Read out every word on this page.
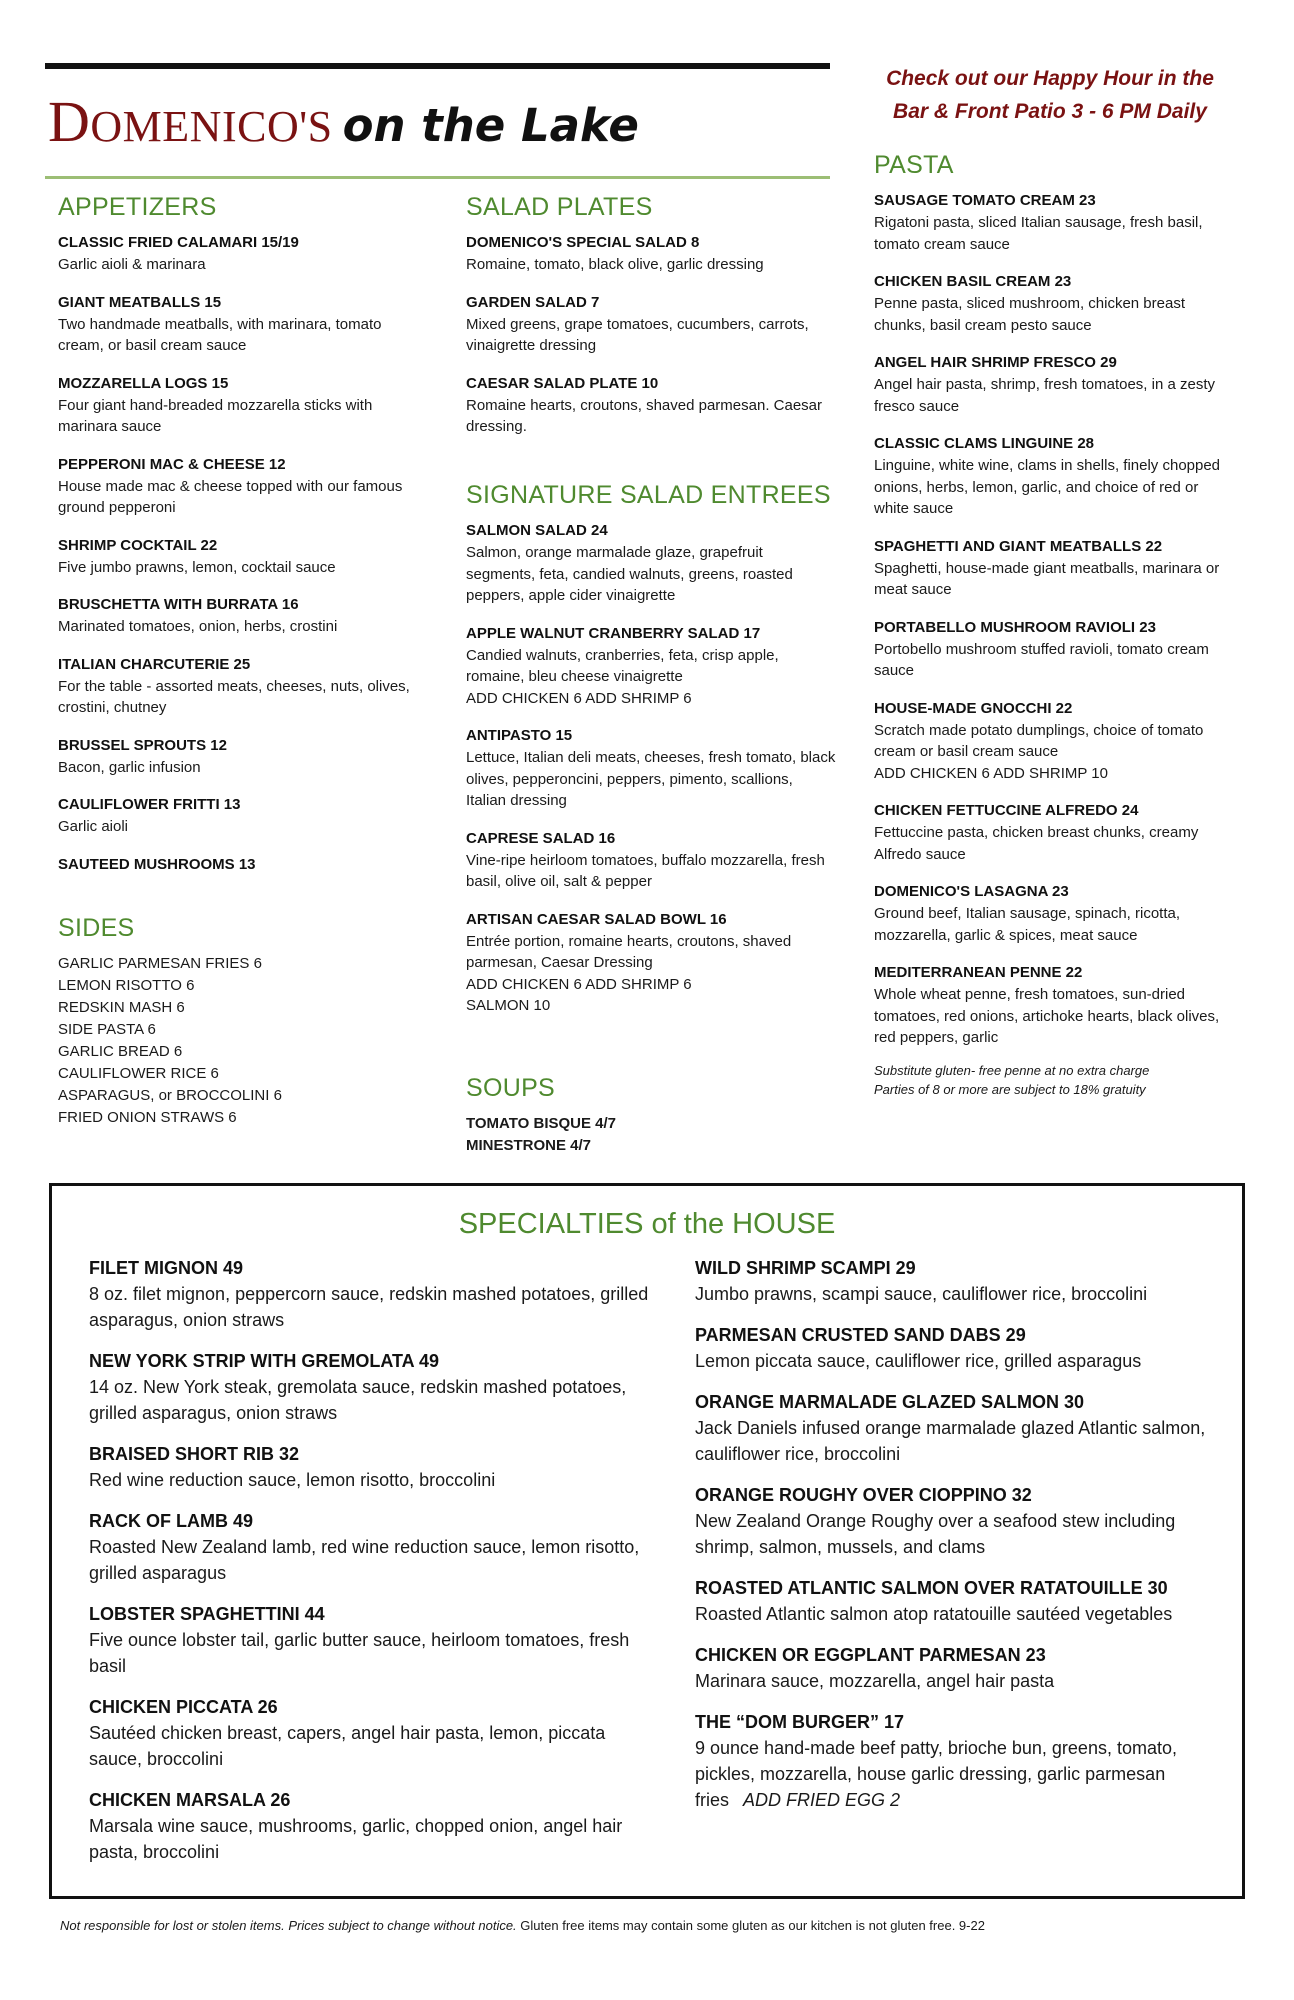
DOMENICO'S on the Lake
Check out our Happy Hour in the
Bar & Front Patio 3 - 6 PM Daily
APPETIZERS
CLASSIC FRIED CALAMARI 15/19
Garlic aioli & marinara
GIANT MEATBALLS 15
Two handmade meatballs, with marinara, tomato cream, or basil cream sauce
MOZZARELLA LOGS 15
Four giant hand-breaded mozzarella sticks with marinara sauce
PEPPERONI MAC & CHEESE 12
House made mac & cheese topped with our famous ground pepperoni
SHRIMP COCKTAIL 22
Five jumbo prawns, lemon, cocktail sauce
BRUSCHETTA WITH BURRATA 16
Marinated tomatoes, onion, herbs, crostini
ITALIAN CHARCUTERIE 25
For the table - assorted meats, cheeses, nuts, olives, crostini, chutney
BRUSSEL SPROUTS 12
Bacon, garlic infusion
CAULIFLOWER FRITTI 13
Garlic aioli
SAUTEED MUSHROOMS 13
SIDES
GARLIC PARMESAN FRIES 6
LEMON RISOTTO 6
REDSKIN MASH 6
SIDE PASTA 6
GARLIC BREAD 6
CAULIFLOWER RICE 6
ASPARAGUS, or BROCCOLINI 6
FRIED ONION STRAWS 6
SALAD PLATES
DOMENICO'S SPECIAL SALAD 8
Romaine, tomato, black olive, garlic dressing
GARDEN SALAD 7
Mixed greens, grape tomatoes, cucumbers, carrots, vinaigrette dressing
CAESAR SALAD PLATE 10
Romaine hearts, croutons, shaved parmesan. Caesar dressing.
SIGNATURE SALAD ENTREES
SALMON SALAD 24
Salmon, orange marmalade glaze, grapefruit segments, feta, candied walnuts, greens, roasted peppers, apple cider vinaigrette
APPLE WALNUT CRANBERRY SALAD 17
Candied walnuts, cranberries, feta, crisp apple, romaine, bleu cheese vinaigrette
ADD CHICKEN 6 ADD SHRIMP 6
ANTIPASTO 15
Lettuce, Italian deli meats, cheeses, fresh tomato, black olives, pepperoncini, peppers, pimento, scallions, Italian dressing
CAPRESE SALAD 16
Vine-ripe heirloom tomatoes, buffalo mozzarella, fresh basil, olive oil, salt & pepper
ARTISAN CAESAR SALAD BOWL 16
Entrée portion, romaine hearts, croutons, shaved parmesan, Caesar Dressing
ADD CHICKEN 6 ADD SHRIMP 6
SALMON 10
SOUPS
TOMATO BISQUE 4/7
MINESTRONE 4/7
PASTA
SAUSAGE TOMATO CREAM 23
Rigatoni pasta, sliced Italian sausage, fresh basil, tomato cream sauce
CHICKEN BASIL CREAM 23
Penne pasta, sliced mushroom, chicken breast chunks, basil cream pesto sauce
ANGEL HAIR SHRIMP FRESCO 29
Angel hair pasta, shrimp, fresh tomatoes, in a zesty fresco sauce
CLASSIC CLAMS LINGUINE 28
Linguine, white wine, clams in shells, finely chopped onions, herbs, lemon, garlic, and choice of red or white sauce
SPAGHETTI AND GIANT MEATBALLS 22
Spaghetti, house-made giant meatballs, marinara or meat sauce
PORTABELLO MUSHROOM RAVIOLI 23
Portobello mushroom stuffed ravioli, tomato cream sauce
HOUSE-MADE GNOCCHI 22
Scratch made potato dumplings, choice of tomato cream or basil cream sauce
ADD CHICKEN 6 ADD SHRIMP 10
CHICKEN FETTUCCINE ALFREDO 24
Fettuccine pasta, chicken breast chunks, creamy Alfredo sauce
DOMENICO'S LASAGNA 23
Ground beef, Italian sausage, spinach, ricotta, mozzarella, garlic & spices, meat sauce
MEDITERRANEAN PENNE 22
Whole wheat penne, fresh tomatoes, sun-dried tomatoes, red onions, artichoke hearts, black olives, red peppers, garlic
Substitute gluten- free penne at no extra charge
Parties of 8 or more are subject to 18% gratuity
SPECIALTIES of the HOUSE
FILET MIGNON 49
8 oz. filet mignon, peppercorn sauce, redskin mashed potatoes, grilled asparagus, onion straws
NEW YORK STRIP WITH GREMOLATA 49
14 oz. New York steak, gremolata sauce, redskin mashed potatoes, grilled asparagus, onion straws
BRAISED SHORT RIB 32
Red wine reduction sauce, lemon risotto, broccolini
RACK OF LAMB 49
Roasted New Zealand lamb, red wine reduction sauce, lemon risotto, grilled asparagus
LOBSTER SPAGHETTINI 44
Five ounce lobster tail, garlic butter sauce, heirloom tomatoes, fresh basil
CHICKEN PICCATA 26
Sautéed chicken breast, capers, angel hair pasta, lemon, piccata sauce, broccolini
CHICKEN MARSALA 26
Marsala wine sauce, mushrooms, garlic, chopped onion, angel hair pasta, broccolini
WILD SHRIMP SCAMPI 29
Jumbo prawns, scampi sauce, cauliflower rice, broccolini
PARMESAN CRUSTED SAND DABS 29
Lemon piccata sauce, cauliflower rice, grilled asparagus
ORANGE MARMALADE GLAZED SALMON 30
Jack Daniels infused orange marmalade glazed Atlantic salmon, cauliflower rice, broccolini
ORANGE ROUGHY OVER CIOPPINO 32
New Zealand Orange Roughy over a seafood stew including shrimp, salmon, mussels, and clams
ROASTED ATLANTIC SALMON OVER RATATOUILLE 30
Roasted Atlantic salmon atop ratatouille sautéed vegetables
CHICKEN OR EGGPLANT PARMESAN 23
Marinara sauce, mozzarella, angel hair pasta
THE “DOM BURGER” 17
9 ounce hand-made beef patty, brioche bun, greens, tomato, pickles, mozzarella, house garlic dressing, garlic parmesan fries ADD FRIED EGG 2
Not responsible for lost or stolen items. Prices subject to change without notice. Gluten free items may contain some gluten as our kitchen is not gluten free. 9-22
